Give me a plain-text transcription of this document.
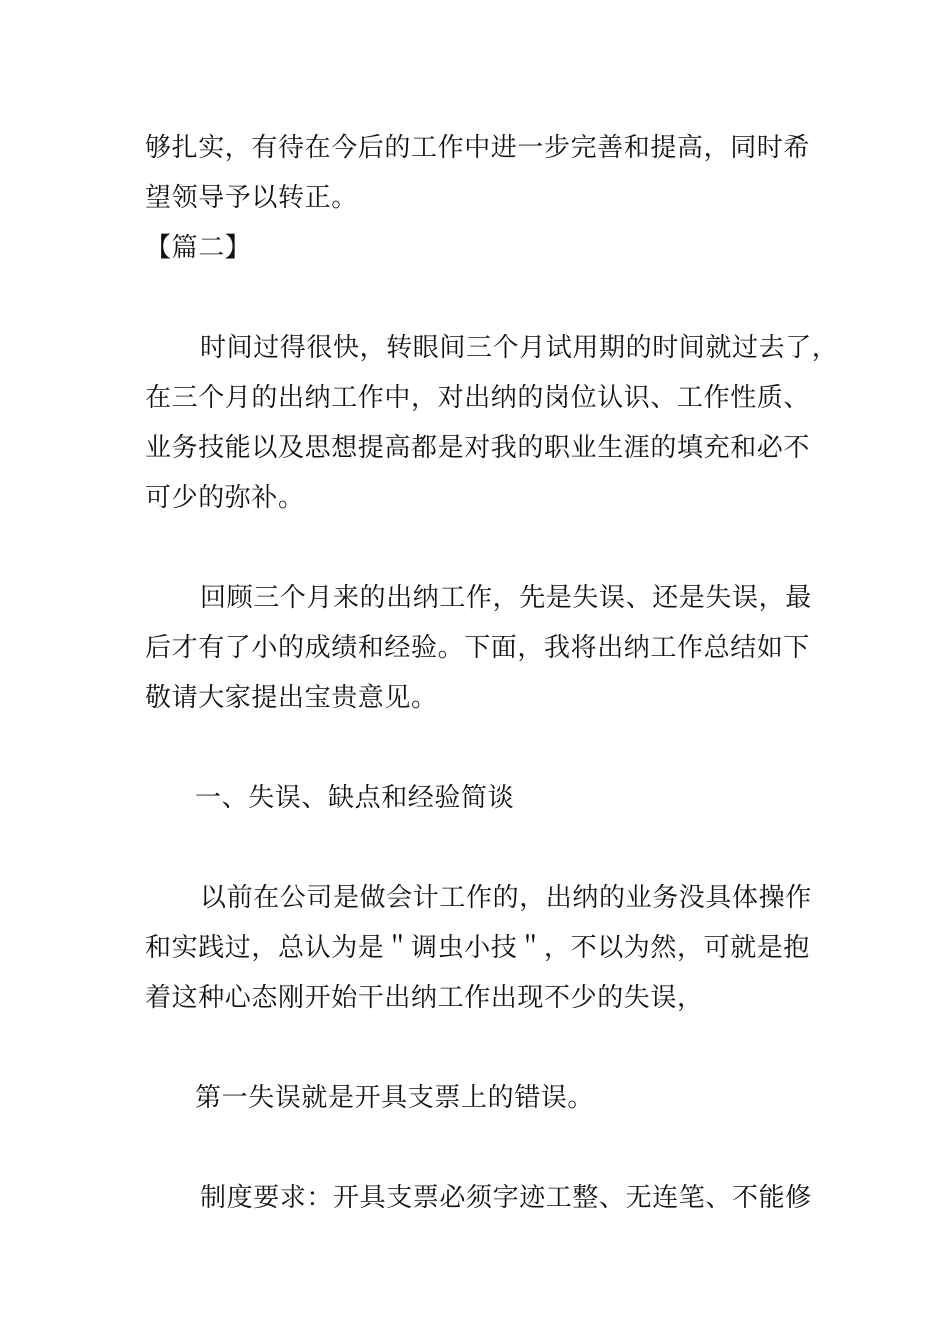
够扎实，有待在今后的工作中进一步完善和提高，同时希

望领导予以转正。

【篇二】

时间过得很快，转眼间三个月试用期的时间就过去了，

在三个月的出纳工作中，对出纳的岗位认识、工作性质、

业务技能以及思想提高都是对我的职业生涯的填充和必不

可少的弥补。

回顾三个月来的出纳工作，先是失误、还是失误，最

后才有了小的成绩和经验。下面，我将出纳工作总结如下

敬请大家提出宝贵意见。

一、失误、缺点和经验简谈

以前在公司是做会计工作的，出纳的业务没具体操作

和实践过，总认为是＂调虫小技＂，不以为然，可就是抱

着这种心态刚开始干出纳工作出现不少的失误，

第一失误就是开具支票上的错误。

制度要求：开具支票必须字迹工整、无连笔、不能修
